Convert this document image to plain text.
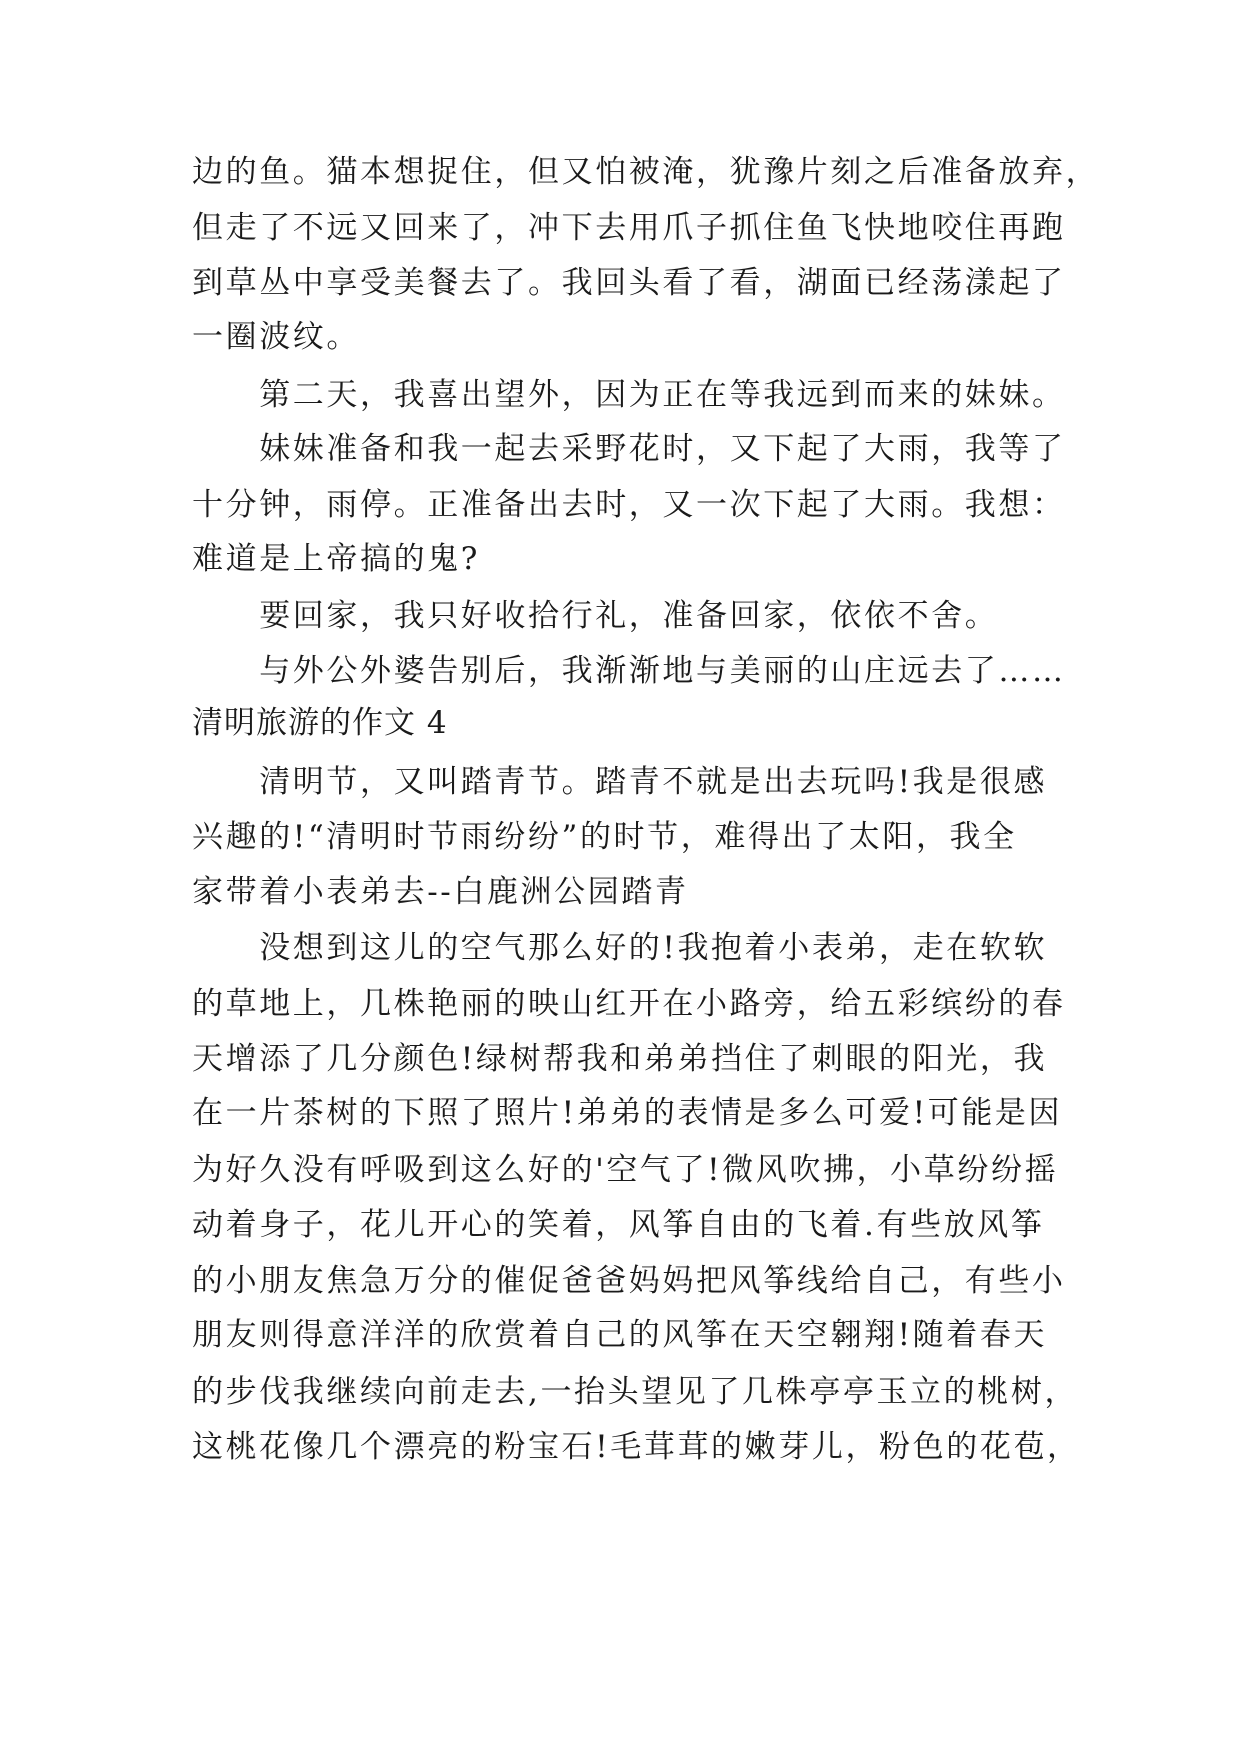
边的鱼。猫本想捉住，但又怕被淹，犹豫片刻之后准备放弃，
但走了不远又回来了，冲下去用爪子抓住鱼飞快地咬住再跑
到草丛中享受美餐去了。我回头看了看，湖面已经荡漾起了
一圈波纹。
　　第二天，我喜出望外，因为正在等我远到而来的妹妹。
　　妹妹准备和我一起去采野花时，又下起了大雨，我等了
十分钟，雨停。正准备出去时，又一次下起了大雨。我想：
难道是上帝搞的鬼?
　　要回家，我只好收拾行礼，准备回家，依依不舍。
　　与外公外婆告别后，我渐渐地与美丽的山庄远去了……
清明旅游的作文 4
　　清明节，又叫踏青节。踏青不就是出去玩吗!我是很感
兴趣的!“清明时节雨纷纷”的时节，难得出了太阳，我全
家带着小表弟去--白鹿洲公园踏青
　　没想到这儿的空气那么好的!我抱着小表弟，走在软软
的草地上，几株艳丽的映山红开在小路旁，给五彩缤纷的春
天增添了几分颜色!绿树帮我和弟弟挡住了刺眼的阳光，我
在一片茶树的下照了照片!弟弟的表情是多么可爱!可能是因
为好久没有呼吸到这么好的'空气了!微风吹拂，小草纷纷摇
动着身子，花儿开心的笑着，风筝自由的飞着.有些放风筝
的小朋友焦急万分的催促爸爸妈妈把风筝线给自己，有些小
朋友则得意洋洋的欣赏着自己的风筝在天空翱翔!随着春天
的步伐我继续向前走去,一抬头望见了几株亭亭玉立的桃树，
这桃花像几个漂亮的粉宝石!毛茸茸的嫩芽儿，粉色的花苞，
